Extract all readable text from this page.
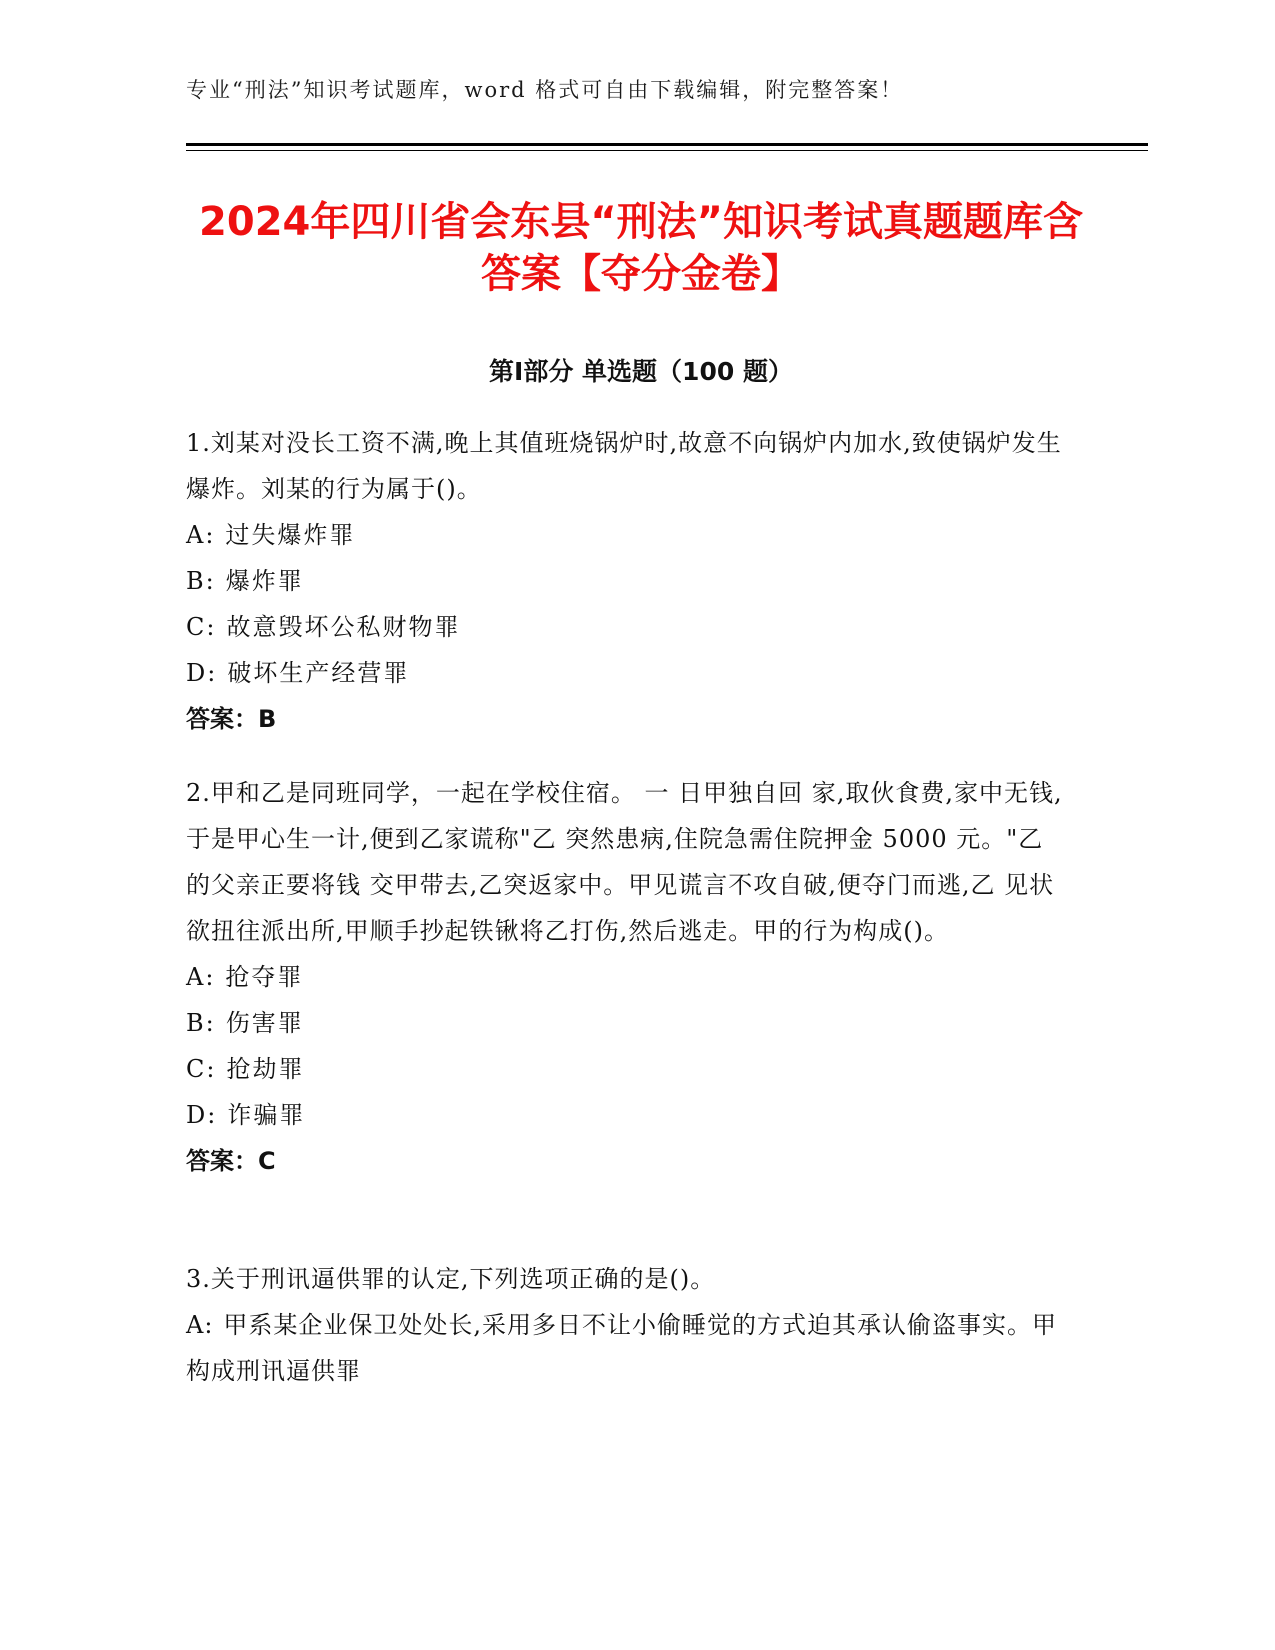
专业“刑法”知识考试题库，word 格式可自由下载编辑，附完整答案！
2024年四川省会东县“刑法”知识考试真题题库含答案【夺分金卷】
第Ⅰ部分 单选题（100 题）

1.刘某对没长工资不满,晚上其值班烧锅炉时,故意不向锅炉内加水,致使锅炉发生爆炸。刘某的行为属于()。

A: 过失爆炸罪

B: 爆炸罪

C: 故意毁坏公私财物罪

D: 破坏生产经营罪

答案：B

2.甲和乙是同班同学，一起在学校住宿。 一 日甲独自回 家,取伙食费,家中无钱,于是甲心生一计,便到乙家谎称"乙 突然患病,住院急需住院押金 5000 元。"乙的父亲正要将钱 交甲带去,乙突返家中。甲见谎言不攻自破,便夺门而逃,乙 见状欲扭往派出所,甲顺手抄起铁锹将乙打伤,然后逃走。甲的行为构成()。

A: 抢夺罪

B: 伤害罪

C: 抢劫罪

D: 诈骗罪

答案：C

3.关于刑讯逼供罪的认定,下列选项正确的是()。

A: 甲系某企业保卫处处长,采用多日不让小偷睡觉的方式迫其承认偷盗事实。甲构成刑讯逼供罪
